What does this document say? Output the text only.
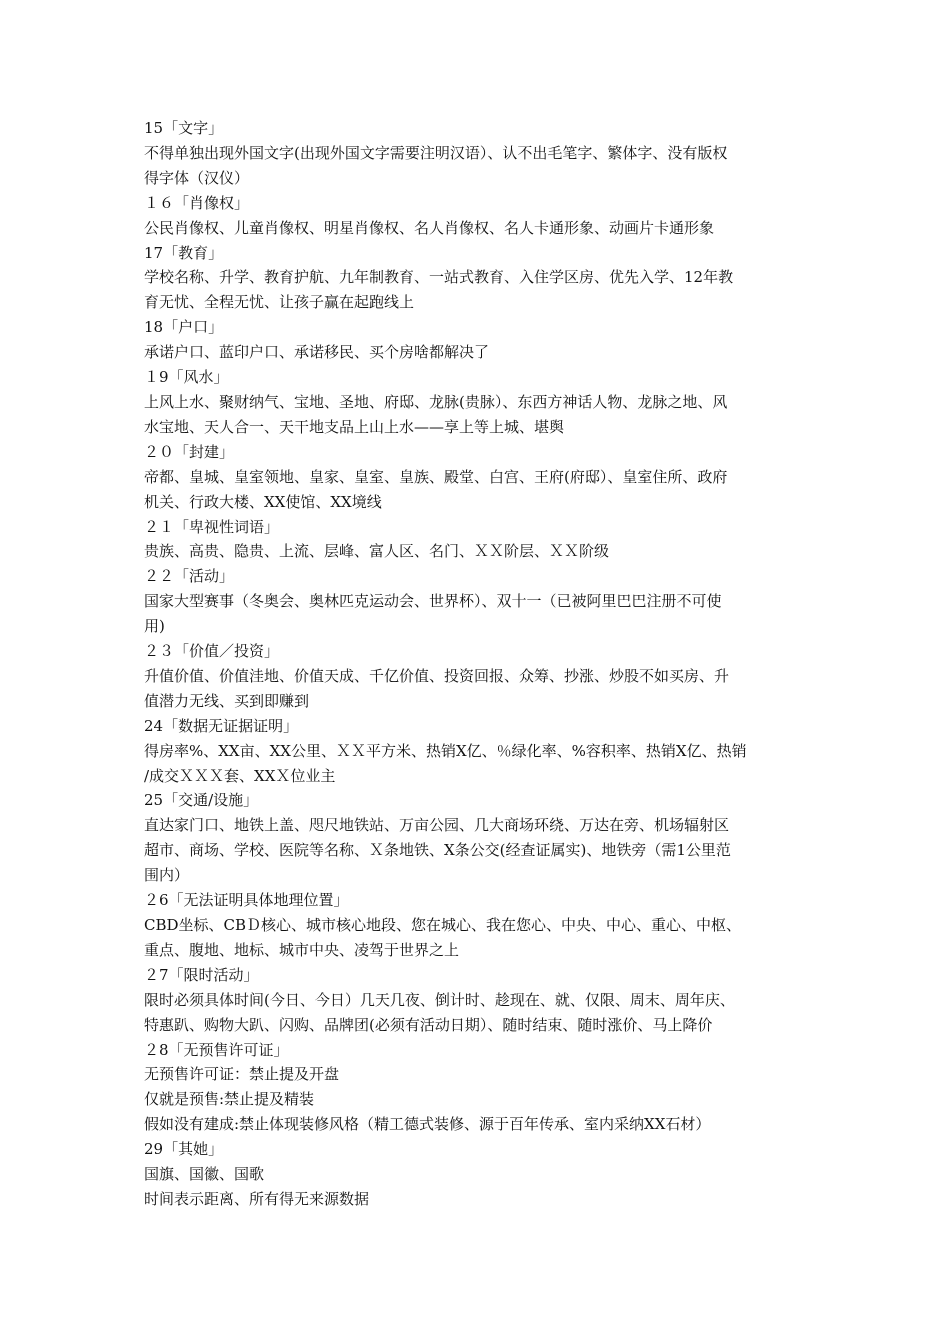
15「文字」
不得单独出现外国文字(出现外国文字需要注明汉语）、认不出毛笔字、繁体字、没有版权
得字体（汉仪）
１６「肖像权」
公民肖像权、儿童肖像权、明星肖像权、名人肖像权、名人卡通形象、动画片卡通形象
17「教育」
学校名称、升学、教育护航、九年制教育、一站式教育、入住学区房、优先入学、12年教
育无忧、全程无忧、让孩子赢在起跑线上
18「户口」
承诺户口、蓝印户口、承诺移民、买个房啥都解决了
１9「风水」
上风上水、聚财纳气、宝地、圣地、府邸、龙脉(贵脉）、东西方神话人物、龙脉之地、风
水宝地、天人合一、天干地支品上山上水——享上等上城、堪舆
２０「封建」
帝都、皇城、皇室领地、皇家、皇室、皇族、殿堂、白宫、王府(府邸）、皇室住所、政府
机关、行政大楼、XX使馆、XX境线
２１「卑视性词语」
贵族、高贵、隐贵、上流、层峰、富人区、名门、ＸＸ阶层、ＸＸ阶级
２２「活动」
国家大型赛事（冬奥会、奥林匹克运动会、世界杯）、双十一（已被阿里巴巴注册不可使
用)
２３「价值／投资」
升值价值、价值洼地、价值天成、千亿价值、投资回报、众筹、抄涨、炒股不如买房、升
值潜力无线、买到即赚到
24「数据无证据证明」
得房率%、XX亩、XX公里、ＸＸ平方米、热销X亿、％绿化率、%容积率、热销X亿、热销
/成交ＸＸＸ套、XXＸ位业主
25「交通/设施」
直达家门口、地铁上盖、咫尺地铁站、万亩公园、几大商场环绕、万达在旁、机场辐射区
超市、商场、学校、医院等名称、Ｘ条地铁、X条公交(经查证属实)、地铁旁（需1公里范
围内）
２6「无法证明具体地理位置」
CBD坐标、CBＤ核心、城市核心地段、您在城心、我在您心、中央、中心、重心、中枢、
重点、腹地、地标、城市中央、凌驾于世界之上
２7「限时活动」
限时必须具体时间(今日、今日）几天几夜、倒计时、趁现在、就、仅限、周末、周年庆、
特惠趴、购物大趴、闪购、品牌团(必须有活动日期）、随时结束、随时涨价、马上降价
２8「无预售许可证」
无预售许可证：禁止提及开盘
仅就是预售:禁止提及精装
假如没有建成:禁止体现装修风格（精工德式装修、源于百年传承、室内采纳XX石材）
29「其她」
国旗、国徽、国歌
时间表示距离、所有得无来源数据
